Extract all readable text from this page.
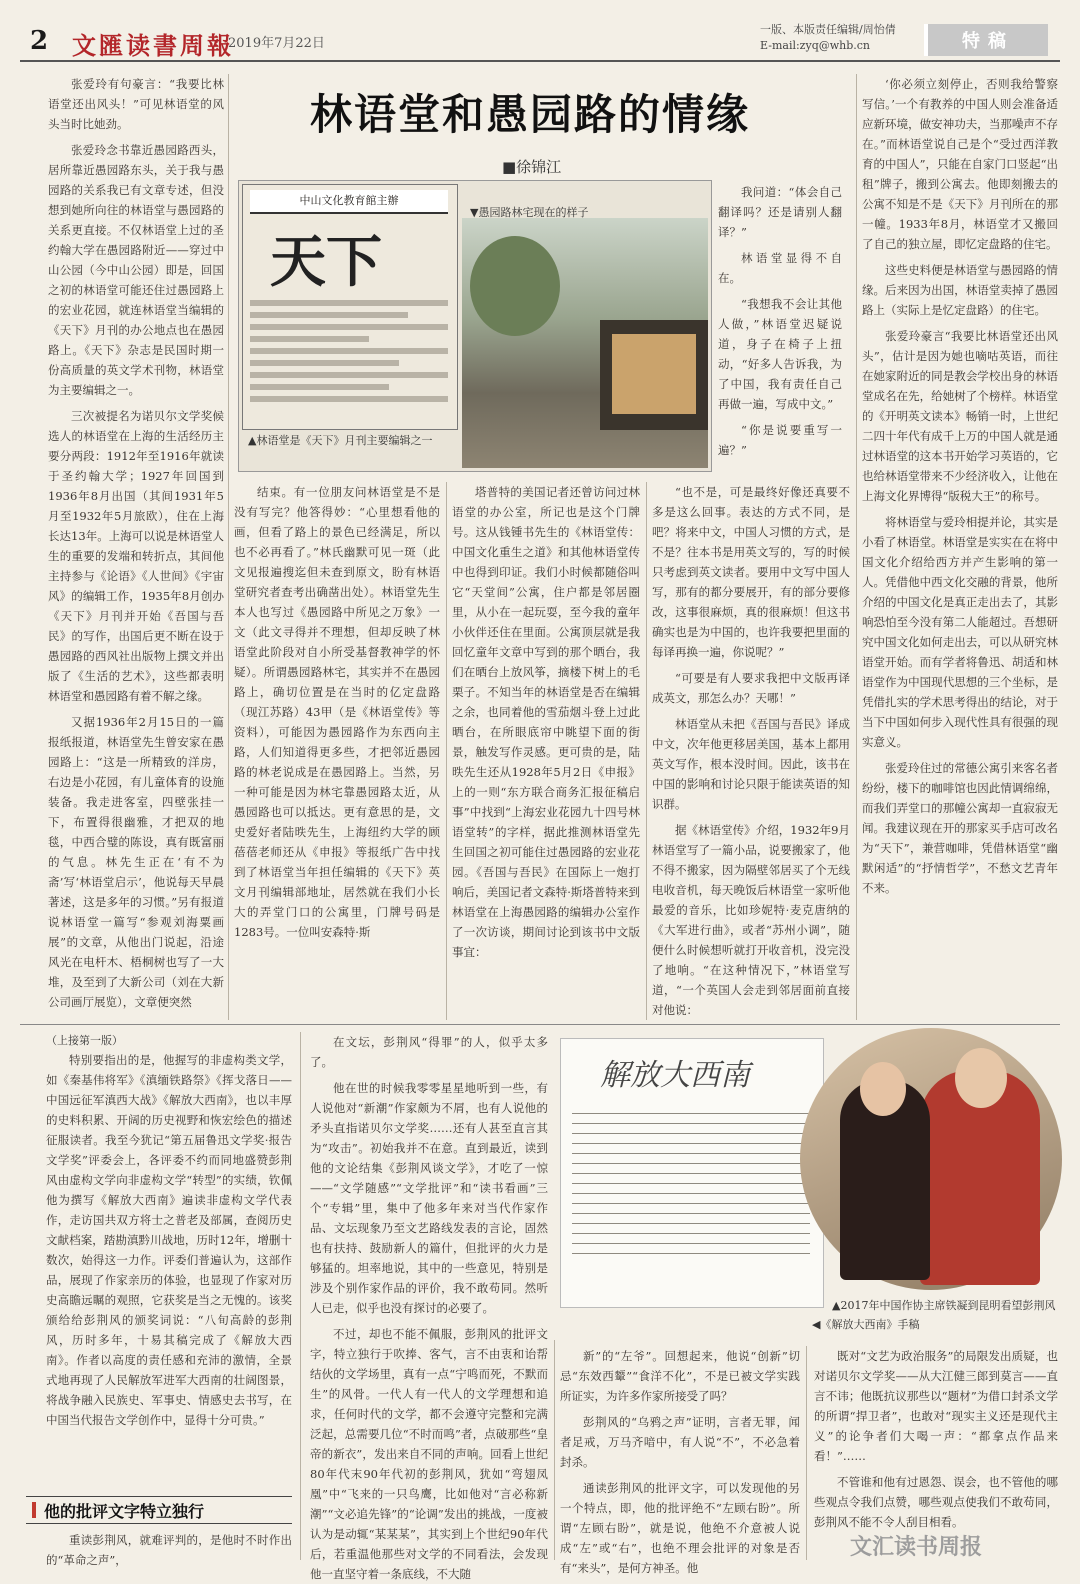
2 文匯读書周報
2019年7月22日
一版、本版责任编辑/周怡倩
E-mail:zyq@whb.cn	特稿
林语堂和愚园路的情缘
■徐锦江
中山文化教育館主辦
天下
▲林语堂是《天下》月刊主要编辑之一
▼愚园路林宅现在的样子

张爱玲有句豪言：“我要比林语堂还出风头！”可见林语堂的风头当时比她劲。

张爱玲念书靠近愚园路西头，居所靠近愚园路东头，关于我与愚园路的关系我已有文章专述，但没想到她所向往的林语堂与愚园路的关系更直接。不仅林语堂上过的圣约翰大学在愚园路附近——穿过中山公园（今中山公园）即是，回国之初的林语堂可能还住过愚园路上的宏业花园，就连林语堂当编辑的《天下》月刊的办公地点也在愚园路上。《天下》杂志是民国时期一份高质量的英文学术刊物，林语堂为主要编辑之一。

三次被提名为诺贝尔文学奖候选人的林语堂在上海的生活经历主要分两段：1912年至1916年就读于圣约翰大学；1927年回国到1936年8月出国（其间1931年5月至1932年5月旅欧），住在上海长达13年。上海可以说是林语堂人生的重要的发端和转折点，其间他主持参与《论语》《人世间》《宇宙风》的编辑工作，1935年8月创办《天下》月刊并开始《吾国与吾民》的写作，出国后更不断在设于愚园路的西风社出版物上撰文并出版了《生活的艺术》，这些都表明林语堂和愚园路有着不解之缘。

又据1936年2月15日的一篇报纸报道，林语堂先生曾安家在愚园路上：“这是一所精致的洋房，右边是小花园，有儿童体育的设施装备。我走进客室，四壁张挂一下，布置得很幽雅，才把双的地毯，中西合璧的陈设，真有既富丽的气息。林先生正在‘有不为斋’写‘林语堂启示’，他说每天早晨著述，这是多年的习惯。”另有报道说林语堂一篇写“参观刘海粟画展”的文章，从他出门说起，沿途风光在电杆木、梧桐树也写了一大堆，及至到了大新公司（刘在大新公司画厅展览），文章便突然

结束。有一位朋友问林语堂是不是没有写完？他答得妙：“心里想看他的画，但看了路上的景色已经满足，所以也不必再看了。”林氏幽默可见一斑（此文见报遍搜迄但未查到原文，盼有林语堂研究者查考出确凿出处）。林语堂先生本人也写过《愚园路中所见之万象》一文（此文寻得并不理想，但却反映了林语堂此阶段对自小所受基督教神学的怀疑）。所谓愚园路林宅，其实并不在愚园路上，确切位置是在当时的亿定盘路（现江苏路）43甲（是《林语堂传》等资料），可能因为愚园路作为东西向主路，人们知道得更多些，才把邻近愚园路的林老说成是在愚园路上。当然，另一种可能是因为林宅靠愚园路太近，从愚园路也可以抵达。更有意思的是，文史爱好者陆昳先生，上海纽约大学的顾蓓蓓老师还从《申报》等报纸广告中找到了林语堂当年担任编辑的《天下》英文月刊编辑部地址，居然就在我们小长大的弄堂门口的公寓里，门牌号码是1283号。一位叫安森特·斯

塔普特的美国记者还曾访问过林语堂的办公室，所记也是这个门牌号。这从钱锺书先生的《林语堂传：中国文化重生之道》和其他林语堂传中也得到印证。我们小时候都随俗叫它“天堂间”公寓，住户都是邻居圈里，从小在一起玩耍，至今我的童年小伙伴还住在里面。公寓顶层就是我回忆童年文章中写到的那个晒台，我们在晒台上放风筝，摘楼下树上的毛栗子。不知当年的林语堂是否在编辑之余，也同着他的雪茄烟斗登上过此晒台，在所眼底帘中眺望下面的街景，触发写作灵感。更可贵的是，陆昳先生还从1928年5月2日《申报》上的一则“东方联合商务汇报征稿启事”中找到“上海宏业花园九十四号林语堂转”的字样，据此推测林语堂先生回国之初可能住过愚园路的宏业花园。《吾国与吾民》在国际上一炮打响后，美国记者文森特·斯塔普特来到林语堂在上海愚园路的编辑办公室作了一次访谈，期间讨论到该书中文版事宜：

我问道：“体会自己翻译吗？还是请别人翻译？”

林语堂显得不自在。

“我想我不会让其他人做，”林语堂迟疑说道，身子在椅子上扭动，“好多人告诉我，为了中国，我有责任自己再做一遍，写成中文。”

“你是说要重写一遍？”

“也不是，可是最终好像还真要不多是这么回事。表达的方式不同，是吧？将来中文，中国人习惯的方式，是不是？往本书是用英文写的，写的时候只考虑到英文读者。要用中文写中国人写，那有的都分要展开，有的部分要修改，这事很麻烦，真的很麻烦！但这书确实也是为中国的，也许我要把里面的每译再换一遍，你说呢？”

“可要是有人要求我把中文版再译成英文，那怎么办？天哪！”

林语堂从未把《吾国与吾民》译成中文，次年他更移居美国，基本上都用英文写作，根本没时间。因此，该书在中国的影响和讨论只限于能读英语的知识群。

据《林语堂传》介绍，1932年9月林语堂写了一篇小品，说要搬家了，他不得不搬家，因为隔壁邻居买了个无线电收音机，每天晚饭后林语堂一家听他最爱的音乐，比如珍妮特·麦克唐纳的《大军进行曲》，或者“苏州小调”，随便什么时候想听就打开收音机，没完没了地响。“在这种情况下，”林语堂写道，“一个英国人会走到邻居面前直接对他说：

‘你必须立刻停止，否则我给警察写信。’一个有教养的中国人则会准备适应新环境，做安神功夫，当那噪声不存在。”而林语堂说自己是个“受过西洋教育的中国人”，只能在自家门口竖起“出租”牌子，搬到公寓去。他即刻搬去的公寓不知是不是《天下》月刊所在的那一幢。1933年8月，林语堂才又搬回了自己的独立屋，即忆定盘路的住宅。

这些史料便是林语堂与愚园路的情缘。后来因为出国，林语堂卖掉了愚园路上（实际上是忆定盘路）的住宅。

张爱玲豪言“我要比林语堂还出风头”，估计是因为她也嘀咕英语，而往在她家附近的同是教会学校出身的林语堂成名在先，给她树了个榜样。林语堂的《开明英文读本》畅销一时，上世纪二四十年代有成千上万的中国人就是通过林语堂的这本书开始学习英语的，它也给林语堂带来不少经济收入，让他在上海文化界博得“版税大王”的称号。

将林语堂与爱玲相提并论，其实是小看了林语堂。林语堂是实实在在将中国文化介绍给西方并产生影响的第一人。凭借他中西文化交融的背景，他所介绍的中国文化是真正走出去了，其影响恐怕至今没有第二人能超过。吾想研究中国文化如何走出去，可以从研究林语堂开始。而有学者将鲁迅、胡适和林语堂作为中国现代思想的三个坐标，是凭借扎实的学术思考得出的结论，对于当下中国如何步入现代性具有很强的现实意义。

张爱玲住过的常德公寓引来客名者纷纷，楼下的咖啡馆也因此情调绵绵，而我们弄堂口的那幢公寓却一直寂寂无闻。我建议现在开的那家买手店可改名为“天下”，兼营咖啡，凭借林语堂“幽默闲适”的“抒情哲学”，不愁文艺青年不来。

（上接第一版）

特别要指出的是，他握写的非虚构类文学，如《秦基伟将军》《滇缅铁路祭》《挥戈落日——中国远征军滇西大战》《解放大西南》，也以丰厚的史料积累、开阔的历史视野和恢宏绘色的描述征服读者。我至今犹记“第五届鲁迅文学奖·报告文学奖”评委会上，各评委不约而同地盛赞彭荆风由虚构文学向非虚构文学“转型”的实绩，钦佩他为撰写《解放大西南》遍读非虚构文学代表作，走访国共双方将士之普老及部属，查阅历史文献档案，踏勘滇黔川战地，历时12年，增删十数次，始得这一力作。评委们普遍认为，这部作品，展现了作家亲历的体验，也显现了作家对历史高瞻远瞩的观照，它获奖是当之无愧的。该奖颁给给彭荆风的颁奖词说：“八旬高龄的彭荆风，历时多年，十易其稿完成了《解放大西南》。作者以高度的责任感和充沛的激情，全景式地再现了人民解放军进军大西南的壮阔图景，将战争融入民族史、军事史、情感史去书写，在中国当代报告文学创作中，显得十分可贵。”

他的批评文字特立独行

重读彭荆风，就难评判的，是他时不时作出的“革命之声”，

在文坛，彭荆风“得罪”的人，似乎太多了。

他在世的时候我零零星星地听到一些，有人说他对“新潮”作家颇为不屑，也有人说他的矛头直指诺贝尔文学奖……还有人甚至直言其为“攻击”。初始我并不在意。直到最近，读到他的文论结集《彭荆风谈文学》，才吃了一惊——“文学随感”“文学批评”和“读书看画”三个“专辑”里，集中了他多年来对当代作家作品、文坛现象乃至文艺路线发表的言论，固然也有扶持、鼓励新人的篇什，但批评的火力是够猛的。坦率地说，其中的一些意见，特别是涉及个别作家作品的评价，我不敢苟同。然听人已走，似乎也没有探讨的必要了。

不过，却也不能不佩服，彭荆风的批评文字，特立独行于吹捧、客气，言不由衷和诒帮结伙的文学场里，真有一点“宁鸣而死，不默而生”的风骨。一代人有一代人的文学理想和追求，任何时代的文学，都不会遵守完整和完满泛起，总需要几位“不时而鸣”者，点破那些“皇帝的新衣”，发出来自不同的声响。回看上世纪80年代末90年代初的彭荆风，犹如“弯翅凤凰”中“飞来的一只鸟鹰，比如他对“言必称新潮”“文必追先锋”的“论调”发出的挑战，一度被认为是动辄“某某某”，其实到上个世纪90年代后，若重温他那些对文学的不同看法，会发现他一直坚守着一条底线，不大随

解放大西南
▲2017年中国作协主席铁凝到昆明看望彭荆风
◀《解放大西南》手稿

新”的“左爷”。回想起来，他说“创新”切忌“东效西颦”“食洋不化”，不是已被文学实践所证实，为许多作家所接受了吗？

彭荆风的“乌鸦之声”证明，言者无罪，闻者足戒，万马齐喑中，有人说“不”，不必急着封杀。

通读彭荆风的批评文字，可以发现他的另一个特点，即，他的批评绝不“左顾右盼”。所谓“左顾右盼”，就是说，他绝不介意被人说成“左”或“右”，也绝不理会批评的对象是否有“来头”，是何方神圣。他

既对“文艺为政治服务”的局限发出质疑，也对诺贝尔文学奖——从大江健三郎到莫言——直言不讳；他既抗议那些以“题材”为借口封杀文学的所谓“捍卫者”，也敢对“现实主义还是现代主义”的论争者们大喝一声：“都拿点作品来看！”……

不管谁和他有过恩怨、误会，也不管他的哪些观点令我们点赞，哪些观点使我们不敢苟同，彭荆风不能不令人刮目相看。

文汇读书周报
